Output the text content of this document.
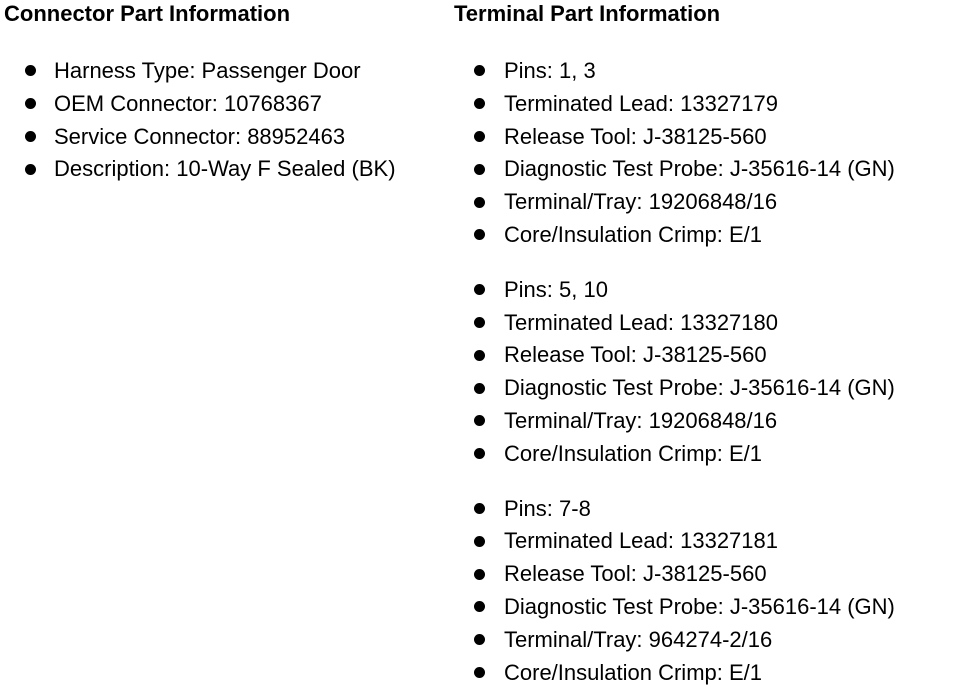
Connector Part Information
Harness Type: Passenger Door
OEM Connector: 10768367
Service Connector: 88952463
Description: 10-Way F Sealed (BK)
Terminal Part Information
Pins: 1, 3
Terminated Lead: 13327179
Release Tool: J-38125-560
Diagnostic Test Probe: J-35616-14 (GN)
Terminal/Tray: 19206848/16
Core/Insulation Crimp: E/1
Pins: 5, 10
Terminated Lead: 13327180
Release Tool: J-38125-560
Diagnostic Test Probe: J-35616-14 (GN)
Terminal/Tray: 19206848/16
Core/Insulation Crimp: E/1
Pins: 7-8
Terminated Lead: 13327181
Release Tool: J-38125-560
Diagnostic Test Probe: J-35616-14 (GN)
Terminal/Tray: 964274-2/16
Core/Insulation Crimp: E/1
